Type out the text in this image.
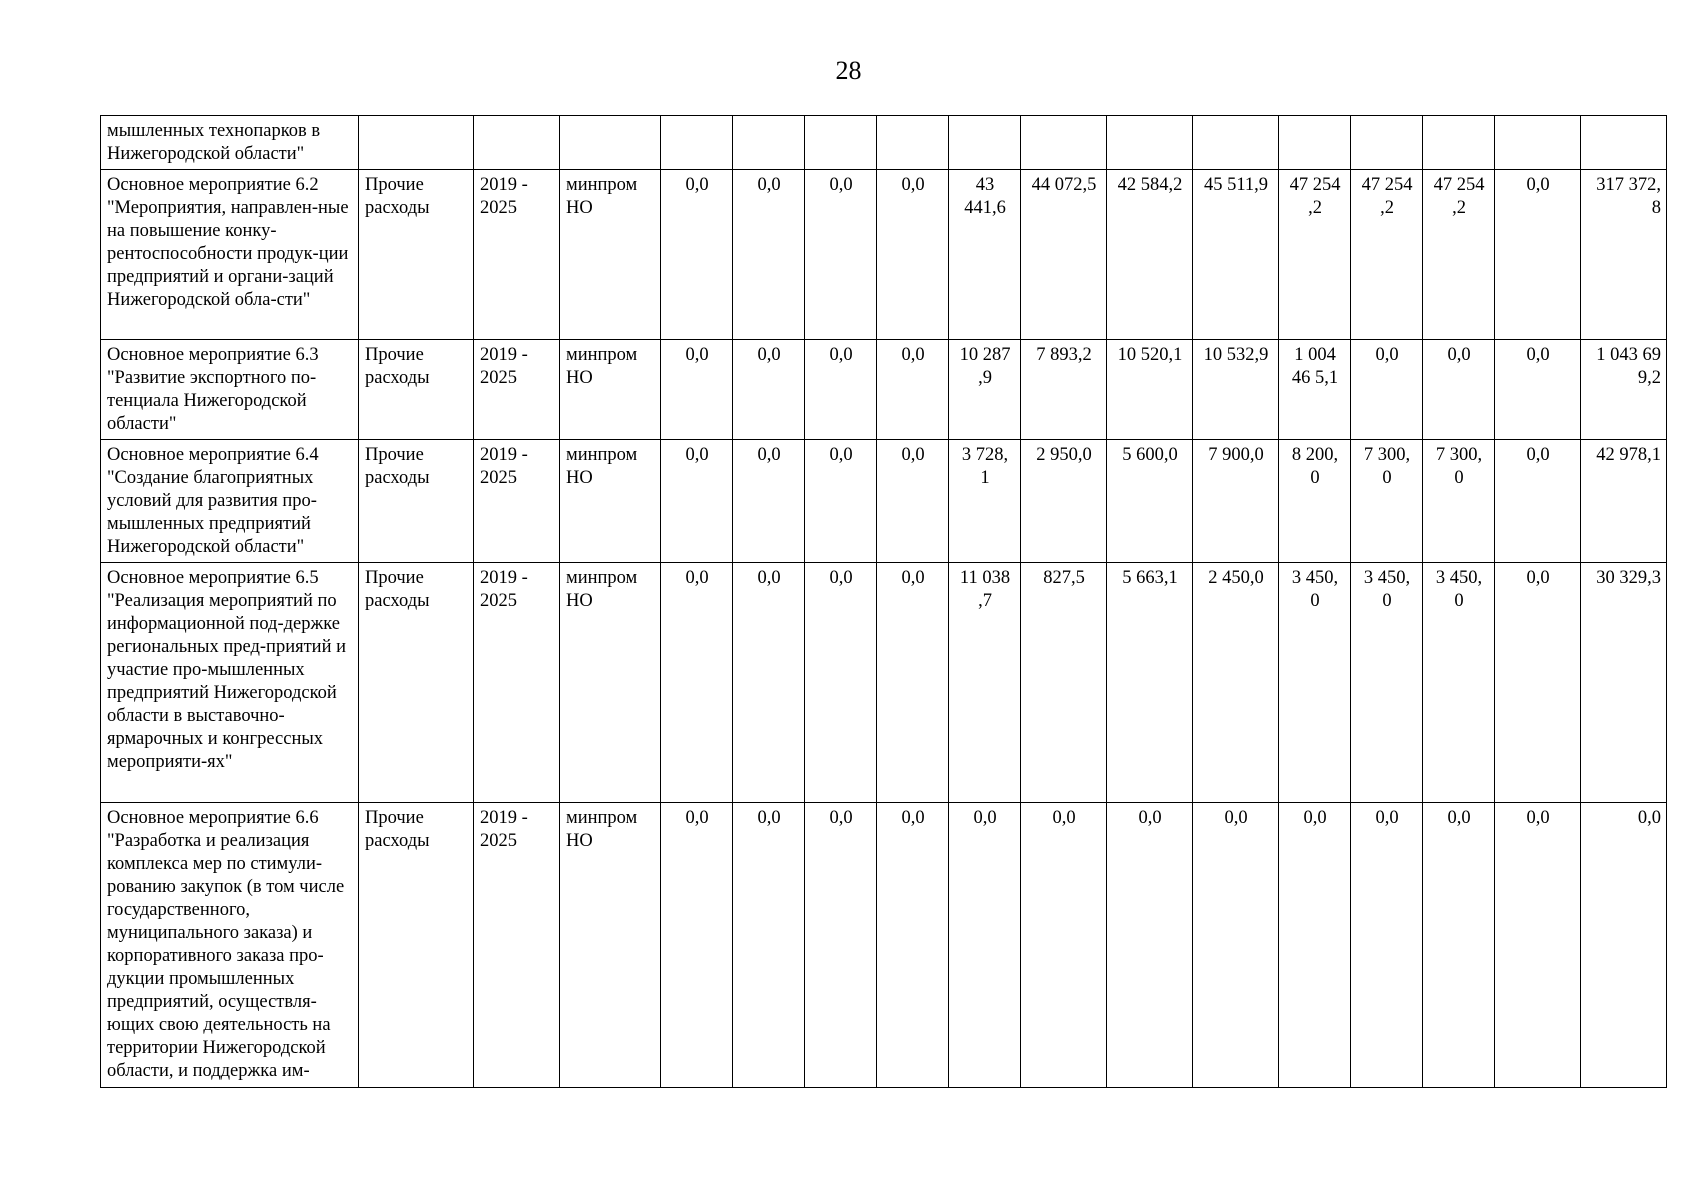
28
мышленных технопарков в Нижегородской области"																
Основное мероприятие 6.2 "Мероприятия, направлен-ные на повышение конку-рентоспособности продук-ции предприятий и органи-заций Нижегородской обла-сти"	Прочие расходы	2019 - 2025	минпром НО	0,0	0,0	0,0	0,0	43 441,6	44 072,5	42 584,2	45 511,9	47 254 ,2	47 254 ,2	47 254 ,2	0,0	317 372, 8
Основное мероприятие 6.3 "Развитие экспортного по-тенциала Нижегородской области"	Прочие расходы	2019 - 2025	минпром НО	0,0	0,0	0,0	0,0	10 287 ,9	7 893,2	10 520,1	10 532,9	1 004 46 5,1	0,0	0,0	0,0	1 043 69 9,2
Основное мероприятие 6.4 "Создание благоприятных условий для развития про-мышленных предприятий Нижегородской области"	Прочие расходы	2019 - 2025	минпром НО	0,0	0,0	0,0	0,0	3 728, 1	2 950,0	5 600,0	7 900,0	8 200, 0	7 300, 0	7 300, 0	0,0	42 978,1
Основное мероприятие 6.5 "Реализация мероприятий по информационной под-держке региональных пред-приятий и участие про-мышленных предприятий Нижегородской области в выставочно-ярмарочных и конгрессных мероприяти-ях"	Прочие расходы	2019 - 2025	минпром НО	0,0	0,0	0,0	0,0	11 038 ,7	827,5	5 663,1	2 450,0	3 450, 0	3 450, 0	3 450, 0	0,0	30 329,3
Основное мероприятие 6.6 "Разработка и реализация комплекса мер по стимули-рованию закупок (в том числе государственного, муниципального заказа) и корпоративного заказа про-дукции промышленных предприятий, осуществля-ющих свою деятельность на территории Нижегородской области, и поддержка им-	Прочие расходы	2019 - 2025	минпром НО	0,0	0,0	0,0	0,0	0,0	0,0	0,0	0,0	0,0	0,0	0,0	0,0	0,0
